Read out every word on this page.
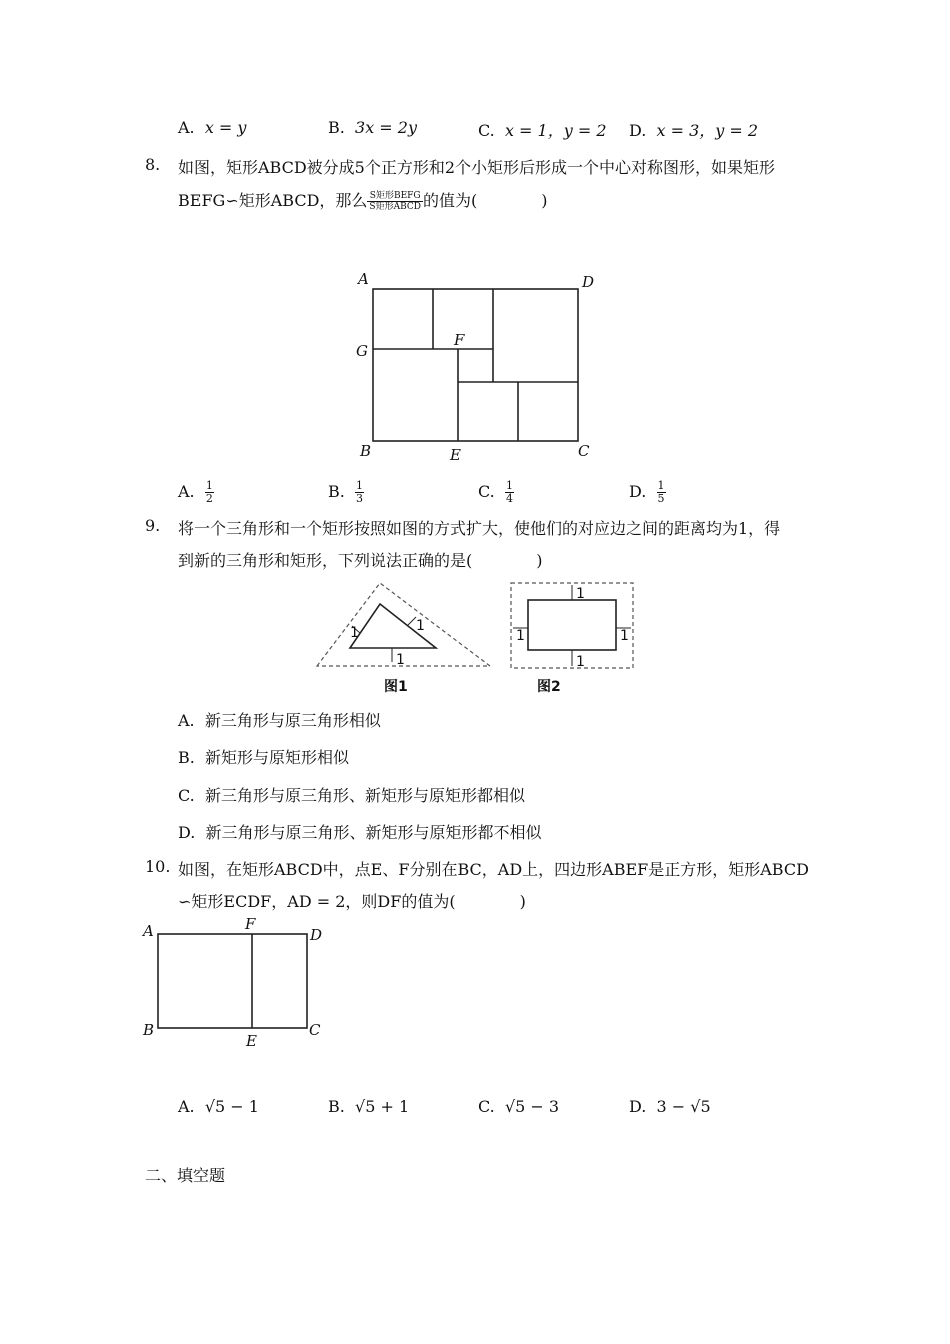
A. x = y	B. 3x = 2y	C. x = 1，y = 2 D. x = 3，y = 2
8. 如图，矩形ABCD被分成5个正方形和2个小矩形后形成一个中心对称图形，如果矩形
BEFG∽矩形ABCD，那么 $\frac{\text{S矩形BEFG}}{\text{S矩形ABCD}}$ 的值为(　　　　)
A	D
G
F
B	E	C
A. $\frac{1}{2}$	B. $\frac{1}{3}$	C. $\frac{1}{4}$	D. $\frac{1}{5}$
9. 将一个三角形和一个矩形按照如图的方式扩大，使他们的对应边之间的距离均为1，得
到新的三角形和矩形，下列说法正确的是(　　　　)
1	1
1
图1
1
1
1	1
图2
A. 新三角形与原三角形相似
B. 新矩形与原矩形相似
C. 新三角形与原三角形、新矩形与原矩形都相似
D. 新三角形与原三角形、新矩形与原矩形都不相似
10. 如图，在矩形ABCD中，点E、F分别在BC，AD上，四边形ABEF是正方形，矩形ABCD
∽矩形ECDF，AD = 2，则DF的值为(　　　　)
A	F
D
B
E
C
A. √5 − 1	B. √5 + 1	C. √5 − 3	D. 3 − √5
二、填空题
